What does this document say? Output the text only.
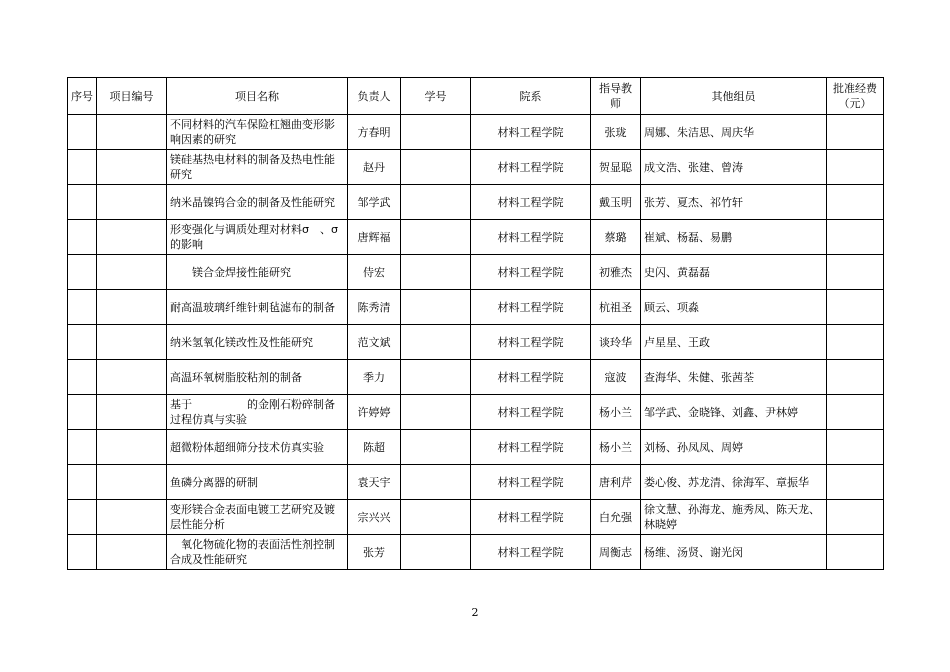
序号	项目编号	项目名称	负责人	学号	院系	指导教师	其他组员	批准经费（元）
		不同材料的汽车保险杠翘曲变形影响因素的研究	方春明		材料工程学院	张珑	周娜、朱洁思、周庆华	
		镁硅基热电材料的制备及热电性能研究	赵丹		材料工程学院	贺显聪	成文浩、张建、曾涛	
		纳米晶镍钨合金的制备及性能研究	邹学武		材料工程学院	戴玉明	张芳、夏杰、祁竹轩	
		形变强化与调质处理对材料σ　、σ　的影响	唐辉福		材料工程学院	蔡璐	崔斌、杨磊、易鹏	
		　　镁合金焊接性能研究	侍宏		材料工程学院	初雅杰	史闪、黄磊磊	
		耐高温玻璃纤维针刺毡滤布的制备	陈秀清		材料工程学院	杭祖圣	顾云、项淼	
		纳米氢氧化镁改性及性能研究	范文斌		材料工程学院	谈玲华	卢星星、王政	
		高温环氧树脂胶粘剂的制备	季力		材料工程学院	寇波	查海华、朱健、张茜荃	
		基于　　　　　的金刚石粉碎制备过程仿真与实验	许婷婷		材料工程学院	杨小兰	邹学武、金晓锋、刘鑫、尹林婷	
		超微粉体超细筛分技术仿真实验	陈超		材料工程学院	杨小兰	刘杨、孙凤凤、周婷	
		鱼磷分离器的研制	袁天宇		材料工程学院	唐利芹	娄心俊、苏龙清、徐海军、章振华	
		变形镁合金表面电镀工艺研究及镀层性能分析	宗兴兴		材料工程学院	白允强	徐文慧、孙海龙、施秀凤、陈天龙、林晓婷	
		　氧化物硫化物的表面活性剂控制合成及性能研究	张芳		材料工程学院	周衡志	杨维、汤贤、谢光闵	
2
